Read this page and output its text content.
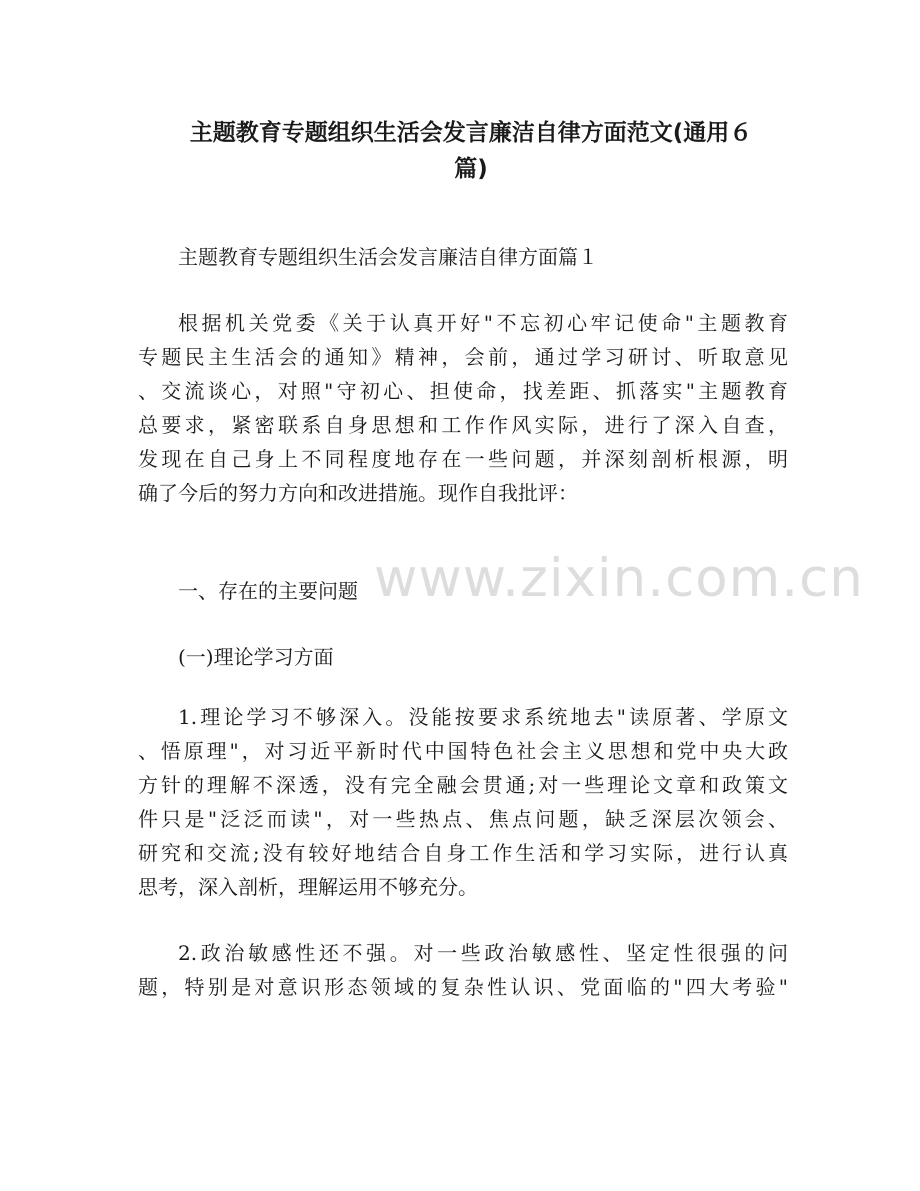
主题教育专题组织生活会发言廉洁自律方面范文(通用６
篇)

主题教育专题组织生活会发言廉洁自律方面篇１

根据机关党委《关于认真开好"不忘初心牢记使命"主题教育

专题民主生活会的通知》精神，会前，通过学习研讨、听取意见

、交流谈心，对照"守初心、担使命，找差距、抓落实"主题教育

总要求，紧密联系自身思想和工作作风实际，进行了深入自查，

发现在自己身上不同程度地存在一些问题，并深刻剖析根源，明

确了今后的努力方向和改进措施。现作自我批评：

一、存在的主要问题

(一)理论学习方面

1.理论学习不够深入。没能按要求系统地去"读原著、学原文

、悟原理"，对习近平新时代中国特色社会主义思想和党中央大政

方针的理解不深透，没有完全融会贯通;对一些理论文章和政策文

件只是"泛泛而读"，对一些热点、焦点问题，缺乏深层次领会、

研究和交流;没有较好地结合自身工作生活和学习实际，进行认真

思考，深入剖析，理解运用不够充分。

2.政治敏感性还不强。对一些政治敏感性、坚定性很强的问

题，特别是对意识形态领域的复杂性认识、党面临的"四大考验"

www.zixin.com.cn
